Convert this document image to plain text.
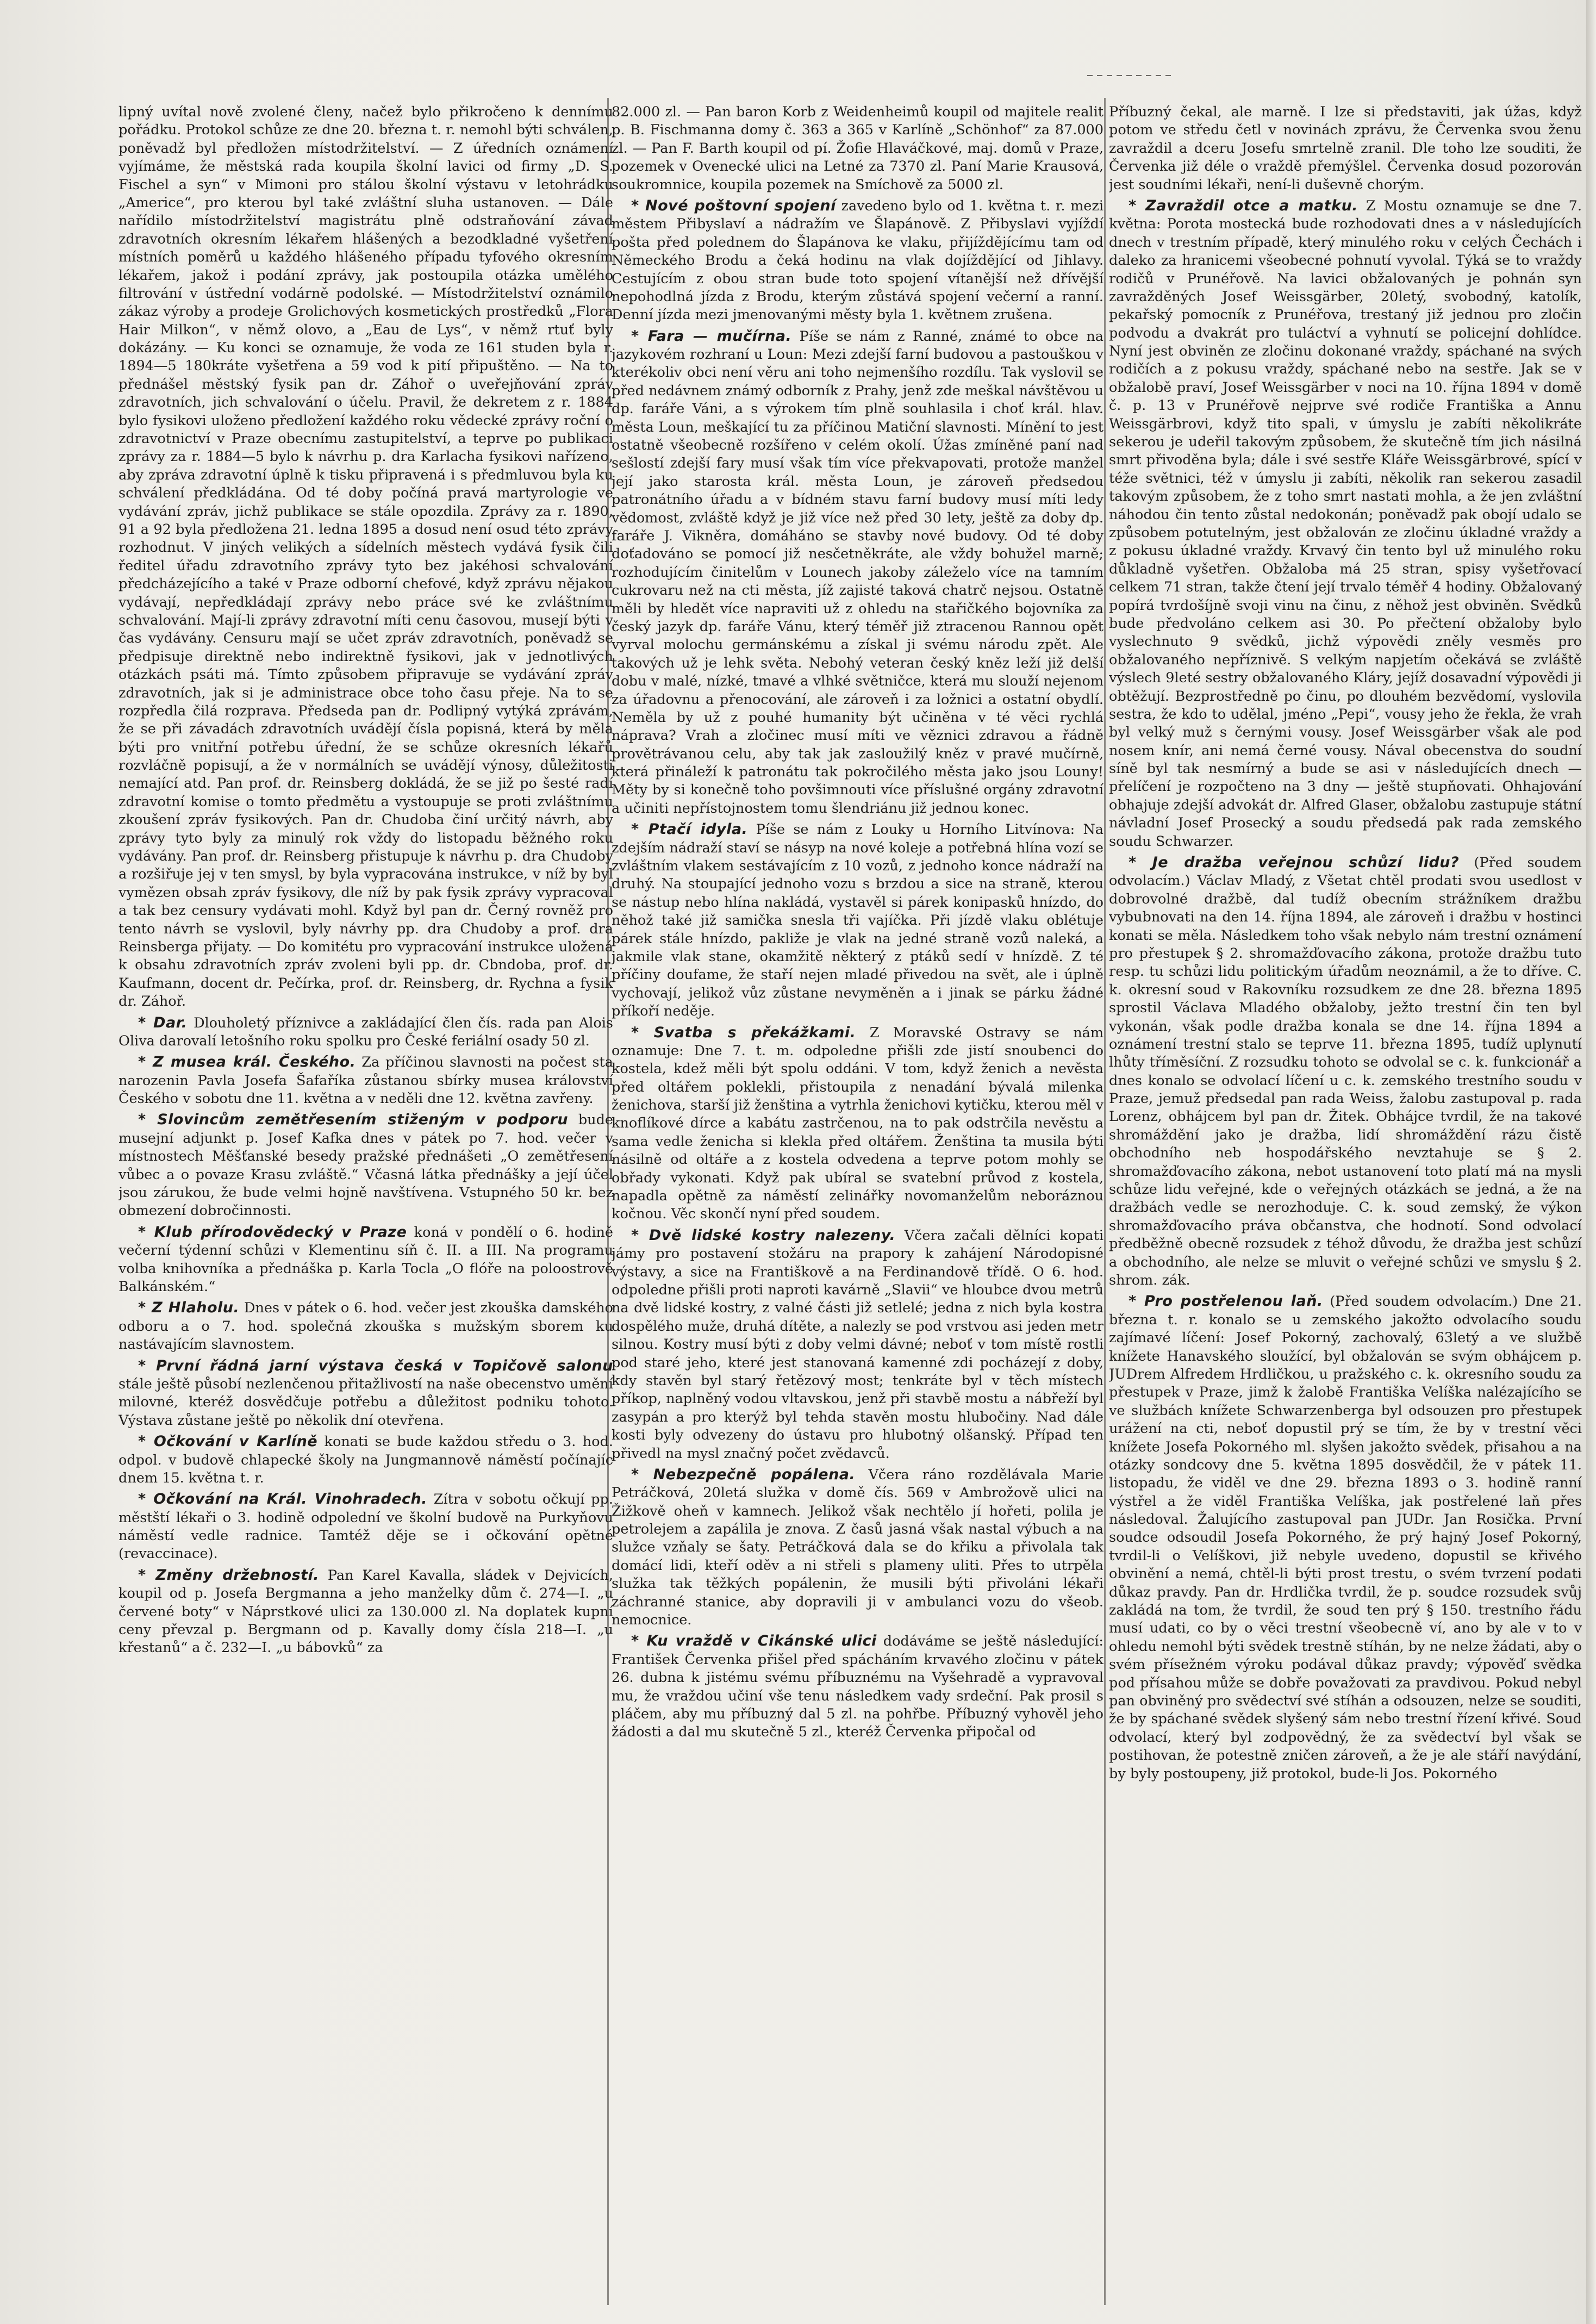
lipný uvítal nově zvolené členy, načež bylo přikročeno k dennímu pořádku. Protokol schůze ze dne 20. března t. r. nemohl býti schválen, poněvadž byl předložen místodržitelství. — Z úředních oznámení vyjímáme, že městská rada koupila školní lavici od firmy „D. S. Fischel a syn“ v Mimoni pro stálou školní výstavu v letohrádku „Americe“, pro kterou byl také zvláštní sluha ustanoven. — Dále nařídilo místodržitelství magistrátu plně odstraňování závad zdravotních okresním lékařem hlášených a bezodkladné vyšetření místních poměrů u každého hlášeného případu tyfového okresním lékařem, jakož i podání zprávy, jak postoupila otázka umělého filtrování v ústřední vodárně podolské. — Místodržitelství oznámilo zákaz výroby a prodeje Grolichových kosmetických prostředků „Flora Hair Milkon“, v němž olovo, a „Eau de Lys“, v němž rtuť byly dokázány. — Ku konci se oznamuje, že voda ze 161 studen byla r. 1894—5 180kráte vyšetřena a 59 vod k pití připuštěno. — Na to přednášel městský fysik pan dr. Záhoř o uveřejňování zpráv zdravotních, jich schvalování o účelu. Pravil, že dekretem z r. 1884 bylo fysikovi uloženo předložení každého roku vědecké zprávy roční o zdravotnictví v Praze obecnímu zastupitelství, a teprve po publikaci zprávy za r. 1884—5 bylo k návrhu p. dra Karlacha fysikovi nařízeno, aby zpráva zdravotní úplně k tisku připravená i s předmluvou byla ku schválení předkládána. Od té doby počíná pravá martyrologie ve vydávání zpráv, jichž publikace se stále opozdila. Zprávy za r. 1890, 91 a 92 byla předložena 21. ledna 1895 a dosud není osud této zprávy rozhodnut. V jiných velikých a sídelních městech vydává fysik čili ředitel úřadu zdravotního zprávy tyto bez jakéhosi schvalování předcházejícího a také v Praze odborní chefové, když zprávu nějakou vydávají, nepředkládají zprávy nebo práce své ke zvláštnímu schvalování. Mají-li zprávy zdravotní míti cenu časovou, musejí býti v čas vydávány. Censuru mají se učet zpráv zdravotních, poněvadž se předpisuje direktně nebo indirektně fysikovi, jak v jednotlivých otázkách psáti má. Tímto způsobem připravuje se vydávání zpráv zdravotních, jak si je administrace obce toho času přeje. Na to se rozpředla čilá rozprava. Předseda pan dr. Podlipný vytýká zprávám, že se při závadách zdravotních uvádějí čísla popisná, která by měla býti pro vnitřní potřebu úřední, že se schůze okresních lékařů rozvláčně popisují, a že v normálních se uvádějí výnosy, důležitosti nemající atd. Pan prof. dr. Reinsberg dokládá, že se již po šesté radí zdravotní komise o tomto předmětu a vystoupuje se proti zvláštnímu zkoušení zpráv fysikových. Pan dr. Chudoba činí určitý návrh, aby zprávy tyto byly za minulý rok vždy do listopadu běžného roku vydávány. Pan prof. dr. Reinsberg přistupuje k návrhu p. dra Chudoby a rozšiřuje jej v ten smysl, by byla vypracována instrukce, v níž by byl vymězen obsah zpráv fysikovy, dle níž by pak fysik zprávy vypracoval a tak bez censury vydávati mohl. Když byl pan dr. Černý rovněž pro tento návrh se vyslovil, byly návrhy pp. dra Chudoby a prof. dra Reinsberga přijaty. — Do komitétu pro vypracování instrukce uložená k obsahu zdravotních zpráv zvoleni byli pp. dr. Cbndoba, prof. dr. Kaufmann, docent dr. Pečírka, prof. dr. Reinsberg, dr. Rychna a fysik dr. Záhoř.

* Dar. Dlouholetý příznivce a zakládající člen čís. rada pan Alois Oliva darovalí letošního roku spolku pro České feriální osady 50 zl.

* Z musea král. Českého. Za příčinou slavnosti na počest sta narozenin Pavla Josefa Šafaříka zůstanou sbírky musea království Českého v sobotu dne 11. května a v neděli dne 12. května zavřeny.

* Slovincům zemětřesením stiženým v podporu bude musejní adjunkt p. Josef Kafka dnes v pátek po 7. hod. večer v místnostech Měšťanské besedy pražské přednášeti „O zemětřesení vůbec a o povaze Krasu zvláště.“ Včasná látka přednášky a její účel jsou zárukou, že bude velmi hojně navštívena. Vstupného 50 kr. bez obmezení dobročinnosti.

* Klub přírodovědecký v Praze koná v pondělí o 6. hodině večerní týdenní schůzi v Klementinu síň č. II. a III. Na programu volba knihovníka a přednáška p. Karla Tocla „O flóře na poloostrově Balkánském.“

* Z Hlaholu. Dnes v pátek o 6. hod. večer jest zkouška damského odboru a o 7. hod. společná zkouška s mužským sborem ku nastávajícím slavnostem.

* První řádná jarní výstava česká v Topičově salonu stále ještě působí nezlenčenou přitažlivostí na naše obecenstvo umění milovné, kteréž dosvědčuje potřebu a důležitost podniku tohoto. Výstava zůstane ještě po několik dní otevřena.

* Očkování v Karlíně konati se bude každou středu o 3. hod. odpol. v budově chlapecké školy na Jungmannově náměstí počínajíc dnem 15. května t. r.

* Očkování na Král. Vinohradech. Zítra v sobotu očkují pp. městští lékaři o 3. hodině odpolední ve školní budově na Purkyňovu náměstí vedle radnice. Tamtéž děje se i očkování opětné (revaccinace).

* Změny držebností. Pan Karel Kavalla, sládek v Dejvicích, koupil od p. Josefa Bergmanna a jeho manželky dům č. 274—I. „u červené boty“ v Náprstkové ulici za 130.000 zl. Na doplatek kupní ceny převzal p. Bergmann od p. Kavally domy čísla 218—I. „u křestanů“ a č. 232—I. „u bábovků“ za

82.000 zl. — Pan baron Korb z Weidenheimů koupil od majitele realit p. B. Fischmanna domy č. 363 a 365 v Karlíně „Schönhof“ za 87.000 zl. — Pan F. Barth koupil od pí. Žofie Hlaváčkové, maj. domů v Praze, pozemek v Ovenecké ulici na Letné za 7370 zl. Paní Marie Krausová, soukromnice, koupila pozemek na Smíchově za 5000 zl.

* Nové poštovní spojení zavedeno bylo od 1. května t. r. mezi městem Přibyslaví a nádražím ve Šlapánově. Z Přibyslavi vyjíždí pošta před polednem do Šlapánova ke vlaku, přijíždějícímu tam od Německého Brodu a čeká hodinu na vlak dojíždějící od Jihlavy. Cestujícím z obou stran bude toto spojení vítanější než dřívější nepohodlná jízda z Brodu, kterým zůstává spojení večerní a ranní. Denní jízda mezi jmenovanými městy byla 1. květnem zrušena.

* Fara — mučírna. Píše se nám z Ranné, známé to obce na jazykovém rozhraní u Loun: Mezi zdejší farní budovou a pastouškou v kterékoliv obci není věru ani toho nejmenšího rozdílu. Tak vyslovil se před nedávnem známý odborník z Prahy, jenž zde meškal návštěvou u dp. faráře Váni, a s výrokem tím plně souhlasila i choť král. hlav. města Loun, meškající tu za příčinou Matiční slavnosti. Mínění to jest ostatně všeobecně rozšířeno v celém okolí. Úžas zmíněné paní nad sešlostí zdejší fary musí však tím více překvapovati, protože manžel její jako starosta král. města Loun, je zároveň předsedou patronátního úřadu a v bídném stavu farní budovy musí míti ledy vědomost, zvláště když je již více než před 30 lety, ještě za doby dp. faráře J. Vikněra, domáháno se stavby nové budovy. Od té doby doťadováno se pomocí již nesčetněkráte, ale vždy bohužel marně; rozhodujícím činitelům v Lounech jakoby záleželo více na tamním cukrovaru než na cti města, jíž zajisté taková chatrč nejsou. Ostatně měli by hledět více napraviti už z ohledu na stařičkého bojovníka za český jazyk dp. faráře Vánu, který téměř již ztracenou Rannou opět vyrval molochu germánskému a získal ji svému národu zpět. Ale takových už je lehk světa. Nebohý veteran český kněz leží již delší dobu v malé, nízké, tmavé a vlhké světničce, která mu slouží nejenom za úřadovnu a přenocování, ale zároveň i za ložnici a ostatní obydlí. Neměla by už z pouhé humanity být učiněna v té věci rychlá náprava? Vrah a zločinec musí míti ve věznici zdravou a řádně provětrávanou celu, aby tak jak zasloužilý kněz v pravé mučírně, která přináleží k patronátu tak pokročilého města jako jsou Louny! Měty by si konečně toho povšimnouti více příslušné orgány zdravotní a učiniti nepřístojnostem tomu šlendriánu již jednou konec.

* Ptačí idyla. Píše se nám z Louky u Horního Litvínova: Na zdejším nádraží staví se násyp na nové koleje a potřebná hlína vozí se zvláštním vlakem sestávajícím z 10 vozů, z jednoho konce nádraží na druhý. Na stoupající jednoho vozu s brzdou a sice na straně, kterou se nástup nebo hlína nakládá, vystavěl si párek konipasků hnízdo, do něhož také již samička snesla tři vajíčka. Při jízdě vlaku oblétuje párek stále hnízdo, pakliže je vlak na jedné straně vozů naleká, a jakmile vlak stane, okamžitě některý z ptáků sedí v hnízdě. Z té příčiny doufame, že staří nejen mladé přivedou na svět, ale i úplně vychovají, jelikož vůz zůstane nevyměněn a i jinak se párku žádné příkoří neděje.

* Svatba s překážkami. Z Moravské Ostravy se nám oznamuje: Dne 7. t. m. odpoledne přišli zde jistí snoubenci do kostela, kdež měli být spolu oddáni. V tom, když ženich a nevěsta před oltářem poklekli, přistoupila z nenadání bývalá milenka ženichova, starší již ženština a vytrhla ženichovi kytičku, kterou měl v knoflíkové dírce a kabátu zastrčenou, na to pak odstrčila nevěstu a sama vedle ženicha si klekla před oltářem. Ženština ta musila býti násilně od oltáře a z kostela odvedena a teprve potom mohly se obřady vykonati. Když pak ubíral se svatební průvod z kostela, napadla opětně za náměstí zelinářky novomanželům neboráznou kočnou. Věc skončí nyní před soudem.

* Dvě lidské kostry nalezeny. Včera začali dělníci kopati jámy pro postavení stožáru na prapory k zahájení Národopisné výstavy, a sice na Františkově a na Ferdinandově třídě. O 6. hod. odpoledne přišli proti naproti kavárně „Slavii“ ve hloubce dvou metrů na dvě lidské kostry, z valné části již setlelé; jedna z nich byla kostra dospělého muže, druhá dítěte, a nalezly se pod vrstvou asi jeden metr silnou. Kostry musí býti z doby velmi dávné; neboť v tom místě rostli pod staré jeho, které jest stanovaná kamenné zdi pocházejí z doby, kdy stavěn byl starý řetězový most; tenkráte byl v těch místech příkop, naplněný vodou vltavskou, jenž při stavbě mostu a nábřeží byl zasypán a pro kterýž byl tehda stavěn mostu hlubočiny. Nad dále kosti byly odvezeny do ústavu pro hlubotný olšanský. Případ ten přivedl na mysl značný počet zvědavců.

* Nebezpečně popálena. Včera ráno rozdělávala Marie Petráčková, 20letá služka v domě čís. 569 v Ambrožově ulici na Žižkově oheň v kamnech. Jelikož však nechtělo jí hořeti, polila je petrolejem a zapálila je znova. Z časů jasná však nastal výbuch a na služce vzňaly se šaty. Petráčková dala se do křiku a přivolala tak domácí lidi, kteří oděv a ni střeli s plameny uliti. Přes to utrpěla služka tak těžkých popálenin, že musili býti přivoláni lékaři záchranné stanice, aby dopravili ji v ambulanci vozu do všeob. nemocnice.

* Ku vraždě v Cikánské ulici dodáváme se ještě následující: František Červenka přišel před spácháním krvavého zločinu v pátek 26. dubna k jistému svému příbuznému na Vyšehradě a vypravoval mu, že vraždou učiní vše tenu následkem vady srdeční. Pak prosil s pláčem, aby mu příbuzný dal 5 zl. na pohřbe. Příbuzný vyhověl jeho žádosti a dal mu skutečně 5 zl., kteréž Červenka připočal od

Příbuzný čekal, ale marně. I lze si představiti, jak úžas, když potom ve středu četl v novinách zprávu, že Červenka svou ženu zavraždil a dceru Josefu smrtelně zranil. Dle toho lze souditi, že Červenka již déle o vraždě přemýšlel. Červenka dosud pozorován jest soudními lékaři, není-li duševně chorým.

* Zavraždil otce a matku. Z Mostu oznamuje se dne 7. května: Porota mostecká bude rozhodovati dnes a v následujících dnech v trestním případě, který minulého roku v celých Čechách i daleko za hranicemi všeobecné pohnutí vyvolal. Týká se to vraždy rodičů v Prunéřově. Na lavici obžalovaných je pohnán syn zavražděných Josef Weissgärber, 20letý, svobodný, katolík, pekařský pomocník z Prunéřova, trestaný již jednou pro zločin podvodu a dvakrát pro tuláctví a vyhnutí se policejní dohlídce. Nyní jest obviněn ze zločinu dokonané vraždy, spáchané na svých rodičích a z pokusu vraždy, spáchané nebo na sestře. Jak se v obžalobě praví, Josef Weissgärber v noci na 10. října 1894 v domě č. p. 13 v Prunéřově nejprve své rodiče Františka a Annu Weissgärbrovi, když tito spali, v úmyslu je zabíti několikráte sekerou je udeřil takovým způsobem, že skutečně tím jich násilná smrt přivoděna byla; dále i své sestře Kláře Weissgärbrové, spící v téže světnici, též v úmyslu ji zabíti, několik ran sekerou zasadil takovým způsobem, že z toho smrt nastati mohla, a že jen zvláštní náhodou čin tento zůstal nedokonán; poněvadž pak obojí udalo se způsobem potutelným, jest obžalován ze zločinu úkladné vraždy a z pokusu úkladné vraždy. Krvavý čin tento byl už minulého roku důkladně vyšetřen. Obžaloba má 25 stran, spisy vyšetřovací celkem 71 stran, takže čtení její trvalo téměř 4 hodiny. Obžalovaný popírá tvrdošíjně svoji vinu na činu, z něhož jest obviněn. Svědků bude předvoláno celkem asi 30. Po přečtení obžaloby bylo vyslechnuto 9 svědků, jichž výpovědi zněly vesměs pro obžalovaného nepříznivě. S velkým napjetím očekává se zvláště výslech 9leté sestry obžalovaného Kláry, jejíž dosavadní výpovědi ji obtěžují. Bezprostředně po činu, po dlouhém bezvědomí, vyslovila sestra, že kdo to udělal, jméno „Pepi“, vousy jeho že řekla, že vrah byl velký muž s černými vousy. Josef Weissgärber však ale pod nosem knír, ani nemá černé vousy. Nával obecenstva do soudní síně byl tak nesmírný a bude se asi v následujících dnech — přelíčení je rozpočteno na 3 dny — ještě stupňovati. Ohhajování obhajuje zdejší advokát dr. Alfred Glaser, obžalobu zastupuje státní návladní Josef Prosecký a soudu předsedá pak rada zemského soudu Schwarzer.

* Je dražba veřejnou schůzí lidu? (Před soudem odvolacím.) Václav Mladý, z Všetat chtěl prodati svou usedlost v dobrovolné dražbě, dal tudíž obecním strážníkem dražbu vybubnovati na den 14. října 1894, ale zároveň i dražbu v hostinci konati se měla. Následkem toho však nebylo nám trestní oznámení pro přestupek § 2. shromažďovacího zákona, protože dražbu tuto resp. tu schůzi lidu politickým úřadům neoznámil, a že to dříve. C. k. okresní soud v Rakovníku rozsudkem ze dne 28. března 1895 sprostil Václava Mladého obžaloby, ježto trestní čin ten byl vykonán, však podle dražba konala se dne 14. října 1894 a oznámení trestní stalo se teprve 11. března 1895, tudíž uplynutí lhůty tříměsíční. Z rozsudku tohoto se odvolal se c. k. funkcionář a dnes konalo se odvolací líčení u c. k. zemského trestního soudu v Praze, jemuž předsedal pan rada Weiss, žalobu zastupoval p. rada Lorenz, obhájcem byl pan dr. Žitek. Obhájce tvrdil, že na takové shromáždění jako je dražba, lidí shromáždění rázu čistě obchodního neb hospodářského nevztahuje se § 2. shromažďovacího zákona, nebot ustanovení toto platí má na mysli schůze lidu veřejné, kde o veřejných otázkách se jedná, a že na dražbách vedle se nerozhoduje. C. k. soud zemský, že výkon shromažďovacího práva občanstva, che hodnotí. Sond odvolací předběžně obecně rozsudek z téhož důvodu, že dražba jest schůzí a obchodního, ale nelze se mluvit o veřejné schůzi ve smyslu § 2. shrom. zák.

* Pro postřelenou laň. (Před soudem odvolacím.) Dne 21. března t. r. konalo se u zemského jakožto odvolacího soudu zajímavé líčení: Josef Pokorný, zachovalý, 63letý a ve službě knížete Hanavského sloužící, byl obžalován se svým obhájcem p. JUDrem Alfredem Hrdličkou, u pražského c. k. okresního soudu za přestupek v Praze, jimž k žalobě Františka Velíška nalézajícího se ve službách knížete Schwarzenberga byl odsouzen pro přestupek urážení na cti, neboť dopustil prý se tím, že by v trestní věci knížete Josefa Pokorného ml. slyšen jakožto svědek, přisahou a na otázky sondcovy dne 5. května 1895 dosvědčil, že v pátek 11. listopadu, že viděl ve dne 29. března 1893 o 3. hodině ranní výstřel a že viděl Františka Velíška, jak postřelené laň přes následoval. Žalujícího zastupoval pan JUDr. Jan Rosička. První soudce odsoudil Josefa Pokorného, že prý hajný Josef Pokorný, tvrdil-li o Velíškovi, již nebyle uvedeno, dopustil se křivého obvinění a nemá, chtěl-li býti prost trestu, o svém tvrzení podati důkaz pravdy. Pan dr. Hrdlička tvrdil, že p. soudce rozsudek svůj zakládá na tom, že tvrdil, že soud ten prý § 150. trestního řádu musí udati, co by o věci trestní všeobecně ví, ano by ale v to v ohledu nemohl býti svědek trestně stíhán, by ne nelze žádati, aby o svém přísežném výroku podával důkaz pravdy; výpověď svědka pod přísahou může se dobře považovati za pravdivou. Pokud nebyl pan obviněný pro svědectví své stíhán a odsouzen, nelze se souditi, že by spáchané svědek slyšený sám nebo trestní řízení křivé. Soud odvolací, který byl zodpovědný, že za svědectví byl však se postihovan, že potestně zničen zároveň, a že je ale stáří navýdání, by byly postoupeny, již protokol, bude-li Jos. Pokorného
